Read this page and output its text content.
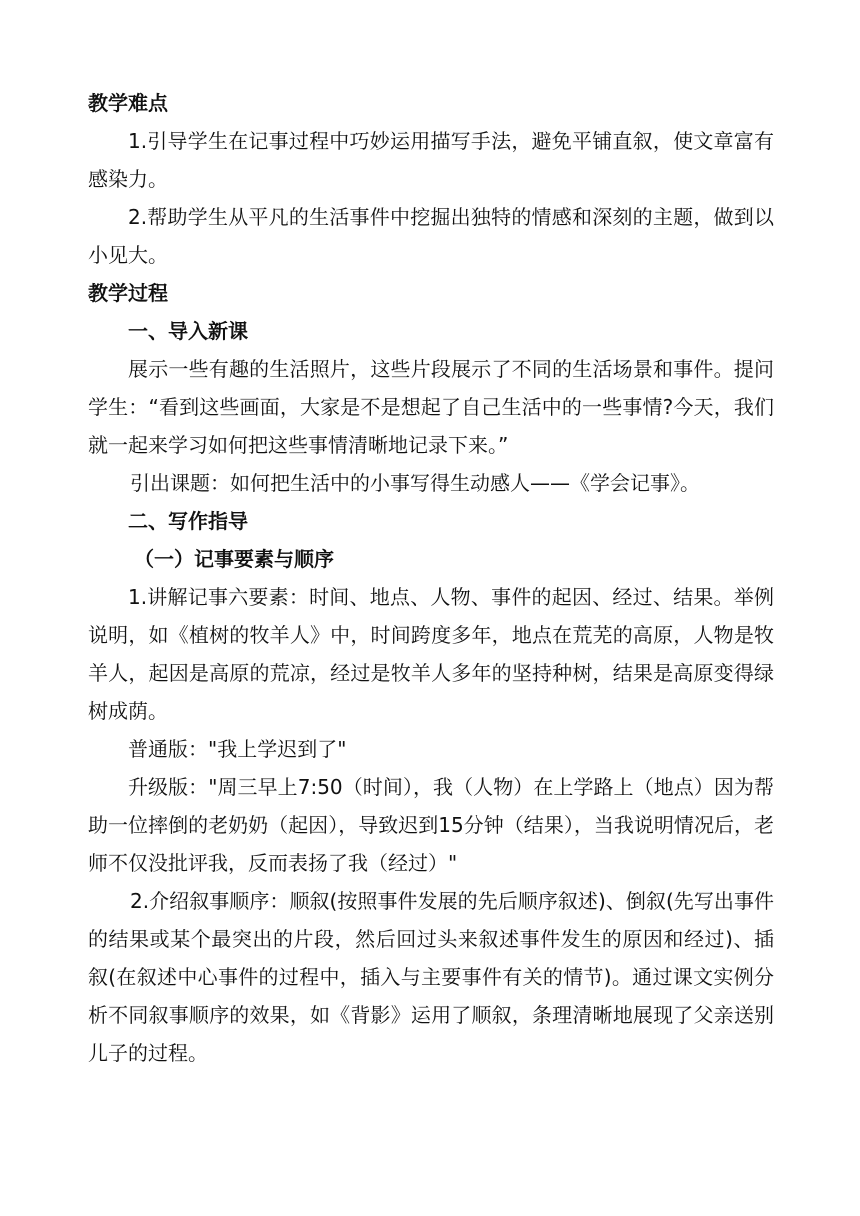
教学难点

1.引导学生在记事过程中巧妙运用描写手法，避免平铺直叙，使文章富有感染力。

2.帮助学生从平凡的生活事件中挖掘出独特的情感和深刻的主题，做到以小见大。

教学过程
一、导入新课

展示一些有趣的生活照片，这些片段展示了不同的生活场景和事件。提问学生：“看到这些画面，大家是不是想起了自己生活中的一些事情?今天，我们就一起来学习如何把这些事情清晰地记录下来。”

引出课题：如何把生活中的小事写得生动感人——《学会记事》。

二、写作指导
（一）记事要素与顺序

1.讲解记事六要素：时间、地点、人物、事件的起因、经过、结果。举例说明，如《植树的牧羊人》中，时间跨度多年，地点在荒芜的高原，人物是牧羊人，起因是高原的荒凉，经过是牧羊人多年的坚持种树，结果是高原变得绿树成荫。

普通版："我上学迟到了"

升级版："周三早上7:50（时间），我（人物）在上学路上（地点）因为帮助一位摔倒的老奶奶（起因），导致迟到15分钟（结果），当我说明情况后，老师不仅没批评我，反而表扬了我（经过）"

2.介绍叙事顺序：顺叙(按照事件发展的先后顺序叙述)、倒叙(先写出事件的结果或某个最突出的片段，然后回过头来叙述事件发生的原因和经过)、插叙(在叙述中心事件的过程中，插入与主要事件有关的情节)。通过课文实例分析不同叙事顺序的效果，如《背影》运用了顺叙，条理清晰地展现了父亲送别儿子的过程。
